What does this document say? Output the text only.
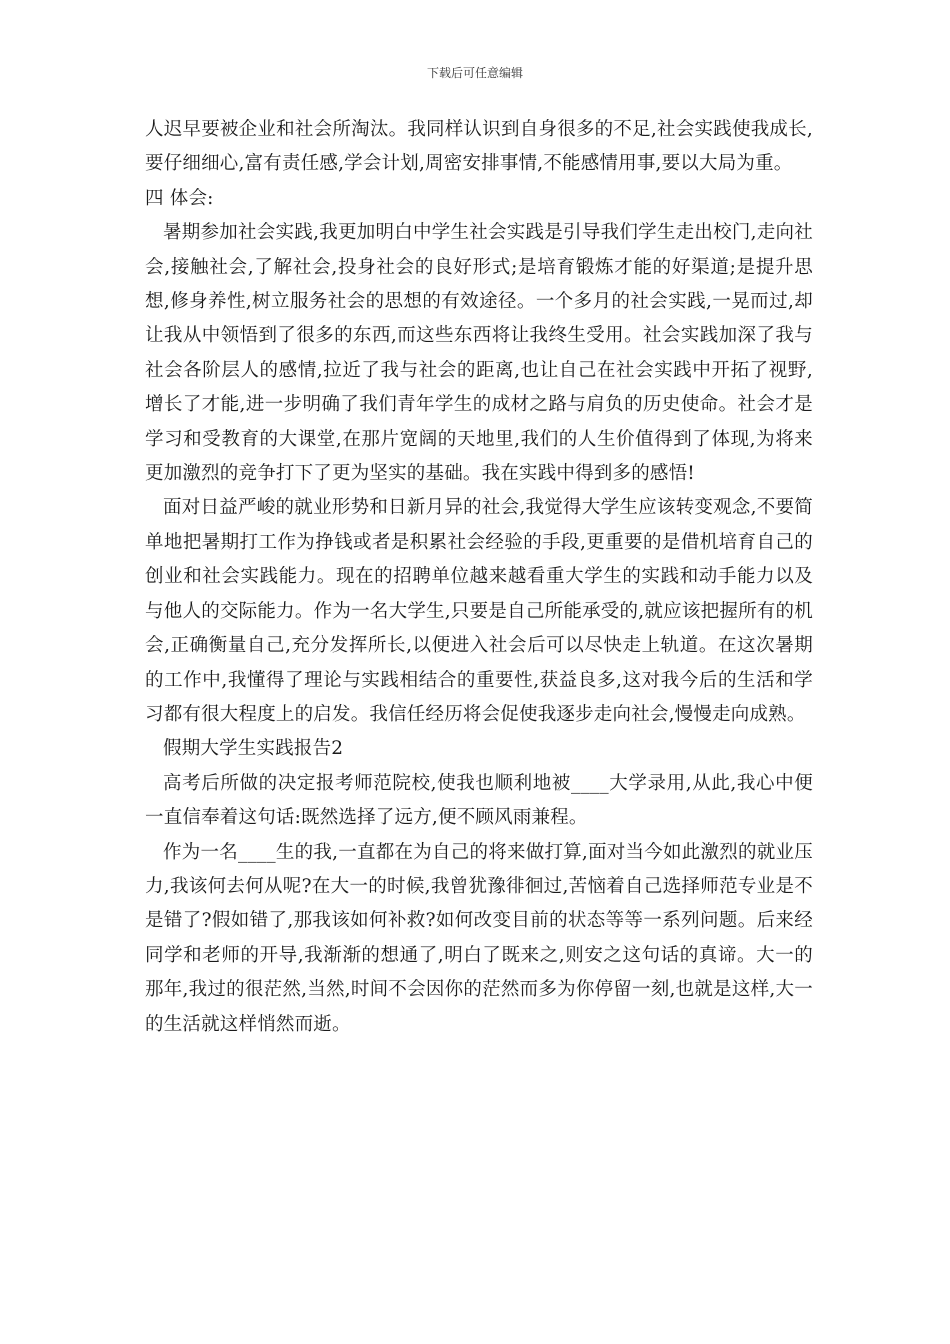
下载后可任意编辑

人迟早要被企业和社会所淘汰。我同样认识到自身很多的不足,社会实践使我成长,要仔细细心,富有责任感,学会计划,周密安排事情,不能感情用事,要以大局为重。

四 体会:

暑期参加社会实践,我更加明白中学生社会实践是引导我们学生走出校门,走向社会,接触社会,了解社会,投身社会的良好形式;是培育锻炼才能的好渠道;是提升思想,修身养性,树立服务社会的思想的有效途径。一个多月的社会实践,一晃而过,却让我从中领悟到了很多的东西,而这些东西将让我终生受用。社会实践加深了我与社会各阶层人的感情,拉近了我与社会的距离,也让自己在社会实践中开拓了视野,增长了才能,进一步明确了我们青年学生的成材之路与肩负的历史使命。社会才是学习和受教育的大课堂,在那片宽阔的天地里,我们的人生价值得到了体现,为将来更加激烈的竞争打下了更为坚实的基础。我在实践中得到多的感悟!

面对日益严峻的就业形势和日新月异的社会,我觉得大学生应该转变观念,不要简单地把暑期打工作为挣钱或者是积累社会经验的手段,更重要的是借机培育自己的创业和社会实践能力。现在的招聘单位越来越看重大学生的实践和动手能力以及与他人的交际能力。作为一名大学生,只要是自己所能承受的,就应该把握所有的机会,正确衡量自己,充分发挥所长,以便进入社会后可以尽快走上轨道。在这次暑期的工作中,我懂得了理论与实践相结合的重要性,获益良多,这对我今后的生活和学习都有很大程度上的启发。我信任经历将会促使我逐步走向社会,慢慢走向成熟。

假期大学生实践报告2

高考后所做的决定报考师范院校,使我也顺利地被____大学录用,从此,我心中便一直信奉着这句话:既然选择了远方,便不顾风雨兼程。

作为一名____生的我,一直都在为自己的将来做打算,面对当今如此激烈的就业压力,我该何去何从呢?在大一的时候,我曾犹豫徘徊过,苦恼着自己选择师范专业是不是错了?假如错了,那我该如何补救?如何改变目前的状态等等一系列问题。后来经同学和老师的开导,我渐渐的想通了,明白了既来之,则安之这句话的真谛。大一的那年,我过的很茫然,当然,时间不会因你的茫然而多为你停留一刻,也就是这样,大一的生活就这样悄然而逝。
